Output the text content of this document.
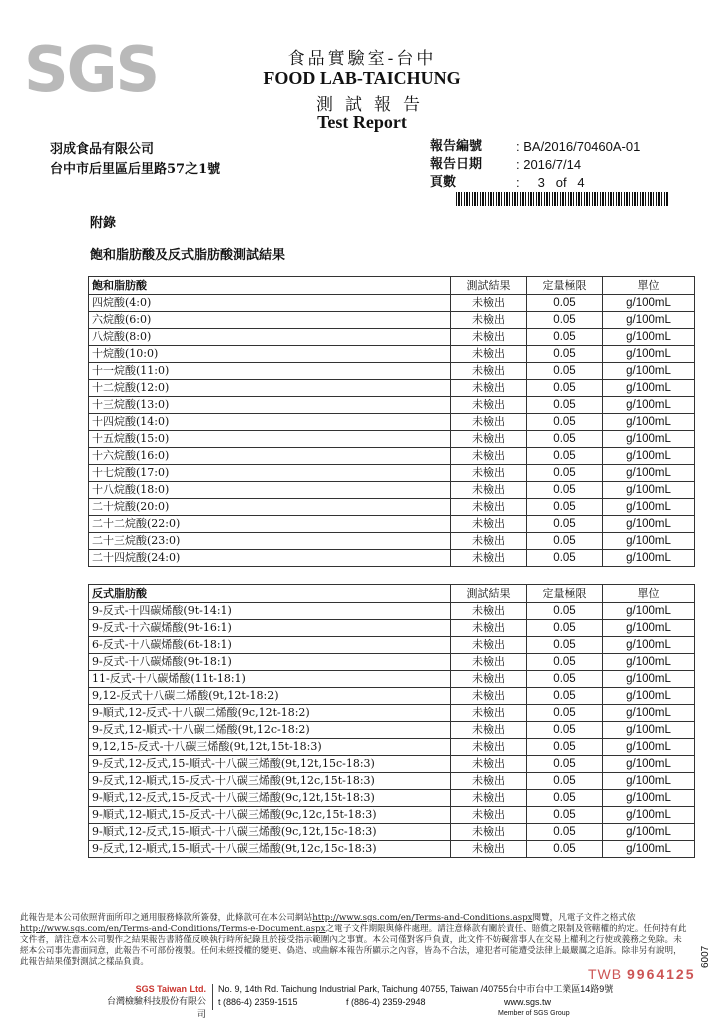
SGS	食品實驗室-台中
FOOD LAB-TAICHUNG
測試報告
Test Report
羽成食品有限公司
台中市后里區后里路57之1號
報告編號	: BA/2016/70460A-01
報告日期	: 2016/7/14
頁數	:     3   of   4
附錄
飽和脂肪酸及反式脂肪酸測試結果
飽和脂肪酸	測試結果	定量極限	單位
四烷酸(4:0)	未檢出	0.05	g/100mL
六烷酸(6:0)	未檢出	0.05	g/100mL
八烷酸(8:0)	未檢出	0.05	g/100mL
十烷酸(10:0)	未檢出	0.05	g/100mL
十一烷酸(11:0)	未檢出	0.05	g/100mL
十二烷酸(12:0)	未檢出	0.05	g/100mL
十三烷酸(13:0)	未檢出	0.05	g/100mL
十四烷酸(14:0)	未檢出	0.05	g/100mL
十五烷酸(15:0)	未檢出	0.05	g/100mL
十六烷酸(16:0)	未檢出	0.05	g/100mL
十七烷酸(17:0)	未檢出	0.05	g/100mL
十八烷酸(18:0)	未檢出	0.05	g/100mL
二十烷酸(20:0)	未檢出	0.05	g/100mL
二十二烷酸(22:0)	未檢出	0.05	g/100mL
二十三烷酸(23:0)	未檢出	0.05	g/100mL
二十四烷酸(24:0)	未檢出	0.05	g/100mL
反式脂肪酸	測試結果	定量極限	單位
9-反式-十四碳烯酸(9t-14:1)	未檢出	0.05	g/100mL
9-反式-十六碳烯酸(9t-16:1)	未檢出	0.05	g/100mL
6-反式-十八碳烯酸(6t-18:1)	未檢出	0.05	g/100mL
9-反式-十八碳烯酸(9t-18:1)	未檢出	0.05	g/100mL
11-反式-十八碳烯酸(11t-18:1)	未檢出	0.05	g/100mL
9,12-反式十八碳二烯酸(9t,12t-18:2)	未檢出	0.05	g/100mL
9-順式,12-反式-十八碳二烯酸(9c,12t-18:2)	未檢出	0.05	g/100mL
9-反式,12-順式-十八碳二烯酸(9t,12c-18:2)	未檢出	0.05	g/100mL
9,12,15-反式-十八碳三烯酸(9t,12t,15t-18:3)	未檢出	0.05	g/100mL
9-反式,12-反式,15-順式-十八碳三烯酸(9t,12t,15c-18:3)	未檢出	0.05	g/100mL
9-反式,12-順式,15-反式-十八碳三烯酸(9t,12c,15t-18:3)	未檢出	0.05	g/100mL
9-順式,12-反式,15-反式-十八碳三烯酸(9c,12t,15t-18:3)	未檢出	0.05	g/100mL
9-順式,12-順式,15-反式-十八碳三烯酸(9c,12c,15t-18:3)	未檢出	0.05	g/100mL
9-順式,12-反式,15-順式-十八碳三烯酸(9c,12t,15c-18:3)	未檢出	0.05	g/100mL
9-反式,12-順式,15-順式-十八碳三烯酸(9t,12c,15c-18:3)	未檢出	0.05	g/100mL
此報告是本公司依照背面所印之通用服務條款所簽發，此條款可在本公司網站http://www.sgs.com/en/Terms-and-Conditions.aspx閱覽，凡電子文件之格式依http://www.sgs.com/en/Terms-and-Conditions/Terms-e-Document.aspx之電子文件期限與條件處理。請注意條款有關於責任、賠償之限制及管轄權的約定。任何持有此文件者，請注意本公司製作之結果報告書將僅反映執行時所紀錄且於接受指示範圍內之事實。本公司僅對客戶負責，此文件不妨礙當事人在交易上權利之行使或義務之免除。未經本公司事先書面同意，此報告不可部份複製。任何未經授權的變更、偽造、或曲解本報告所顯示之內容，皆為不合法，違犯者可能遭受法律上最嚴厲之追訴。除非另有說明，此報告結果僅對測試之樣品負責。
TWB 9964125
6007
SGS Taiwan Ltd.
台灣檢驗科技股份有限公司
No. 9, 14th Rd. Taichung Industrial Park, Taichung 40755, Taiwan /40755台中市台中工業區14路9號
t (886-4) 2359-1515	f (886-4) 2359-2948	www.sgs.tw
Member of SGS Group
